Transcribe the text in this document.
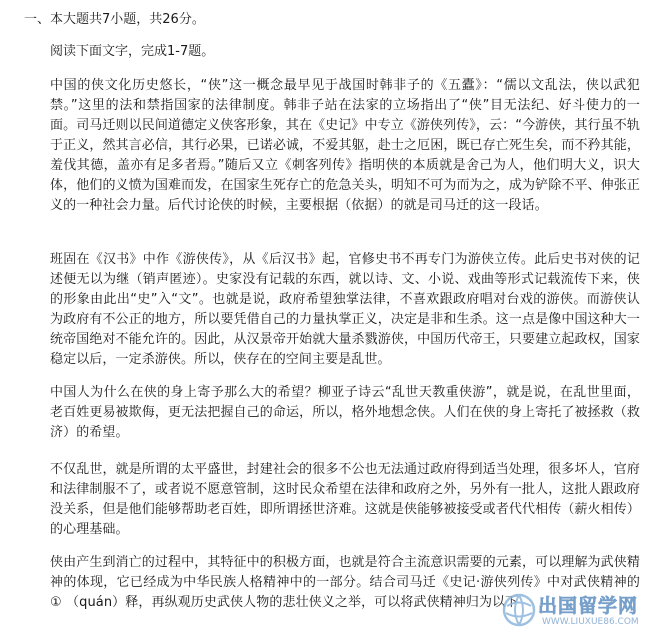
一、本大题共7小题，共26分。
阅读下面文字，完成1-7题。
中国的侠文化历史悠长，“侠”这一概念最早见于战国时韩非子的《五蠹》：“儒以文乱法，侠以武犯禁。”这里的法和禁指国家的法律制度。韩非子站在法家的立场指出了“侠”目无法纪、好斗使力的一面。司马迁则以民间道德定义侠客形象，其在《史记》中专立《游侠列传》，云：“今游侠，其行虽不轨于正义，然其言必信，其行必果，已诺必诚，不爱其躯，赴士之厄困，既已存亡死生矣，而不矜其能，羞伐其德，盖亦有足多者焉。”随后又立《刺客列传》指明侠的本质就是舍己为人，他们明大义，识大体，他们的义愤为国难而发，在国家生死存亡的危急关头，明知不可为而为之，成为铲除不平、伸张正义的一种社会力量。后代讨论侠的时候，主要根据（依据）的就是司马迁的这一段话。
班固在《汉书》中作《游侠传》，从《后汉书》起，官修史书不再专门为游侠立传。此后史书对侠的记述便无以为继（销声匿迹）。史家没有记载的东西，就以诗、文、小说、戏曲等形式记载流传下来，侠的形象由此出“史”入“文”。也就是说，政府希望独掌法律，不喜欢跟政府唱对台戏的游侠。而游侠认为政府有不公正的地方，所以要凭借自己的力量执掌正义，决定是非和生杀。这一点是像中国这种大一统帝国绝对不能允许的。因此，从汉景帝开始就大量杀戮游侠，中国历代帝王，只要建立起政权，国家稳定以后，一定杀游侠。所以，侠存在的空间主要是乱世。
中国人为什么在侠的身上寄予那么大的希望？柳亚子诗云“乱世天教重侠游”，就是说，在乱世里面，老百姓更易被欺侮，更无法把握自己的命运，所以，格外地想念侠。人们在侠的身上寄托了被拯救（救济）的希望。
不仅乱世，就是所谓的太平盛世，封建社会的很多不公也无法通过政府得到适当处理，很多坏人，官府和法律制服不了，或者说不愿意管制，这时民众希望在法律和政府之外，另外有一批人，这批人跟政府没关系，但是他们能够帮助老百姓，即所谓拯世济难。这就是侠能够被接受或者代代相传（薪火相传）的心理基础。
侠由产生到消亡的过程中，其特征中的积极方面，也就是符合主流意识需要的元素，可以理解为武侠精神的体现，它已经成为中华民族人格精神中的一部分。结合司马迁《史记·游侠列传》中对武侠精神的 ① （quán）释，再纵观历史武侠人物的悲壮侠义之举，可以将武侠精神归为以下	出国留学网
WWW.LIUXUE86.COM
